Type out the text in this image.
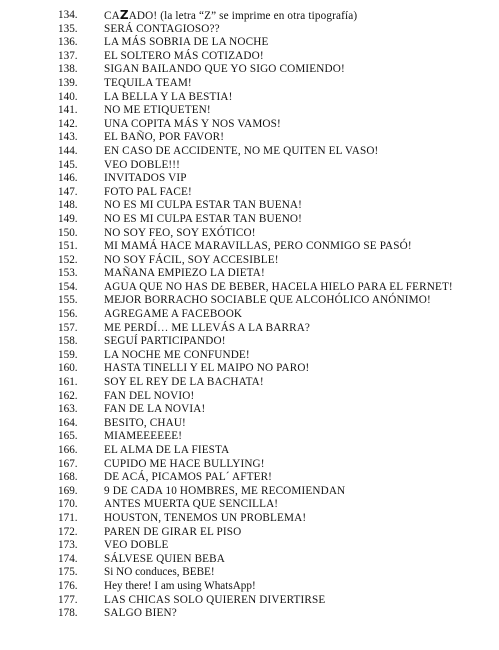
134. CAZADO! (la letra “Z” se imprime en otra tipografía)
135. SERÁ CONTAGIOSO??
136. LA MÁS SOBRIA DE LA NOCHE
137. EL SOLTERO MÁS COTIZADO!
138. SIGAN BAILANDO QUE YO SIGO COMIENDO!
139. TEQUILA TEAM!
140. LA BELLA Y LA BESTIA!
141. NO ME ETIQUETEN!
142. UNA COPITA MÁS Y NOS VAMOS!
143. EL BAÑO, POR FAVOR!
144. EN CASO DE ACCIDENTE, NO ME QUITEN EL VASO!
145. VEO DOBLE!!!
146. INVITADOS VIP
147. FOTO PAL FACE!
148. NO ES MI CULPA ESTAR TAN BUENA!
149. NO ES MI CULPA ESTAR TAN BUENO!
150. NO SOY FEO, SOY EXÓTICO!
151. MI MAMÁ HACE MARAVILLAS, PERO CONMIGO SE PASÓ!
152. NO SOY FÁCIL, SOY ACCESIBLE!
153. MAÑANA EMPIEZO LA DIETA!
154. AGUA QUE NO HAS DE BEBER, HACELA HIELO PARA EL FERNET!
155. MEJOR BORRACHO SOCIABLE QUE ALCOHÓLICO ANÓNIMO!
156. AGREGAME A FACEBOOK
157. ME PERDÍ… ME LLEVÁS A LA BARRA?
158. SEGUÍ PARTICIPANDO!
159. LA NOCHE ME CONFUNDE!
160. HASTA TINELLI Y EL MAIPO NO PARO!
161. SOY EL REY DE LA BACHATA!
162. FAN DEL NOVIO!
163. FAN DE LA NOVIA!
164. BESITO, CHAU!
165. MIAMEEEEEE!
166. EL ALMA DE LA FIESTA
167. CUPIDO ME HACE BULLYING!
168. DE ACÁ, PICAMOS PAL´ AFTER!
169. 9 DE CADA 10 HOMBRES, ME RECOMIENDAN
170. ANTES MUERTA QUE SENCILLA!
171. HOUSTON, TENEMOS UN PROBLEMA!
172. PAREN DE GIRAR EL PISO
173. VEO DOBLE
174. SÁLVESE QUIEN BEBA
175. Si NO conduces, BEBE!
176. Hey there! I am using WhatsApp!
177. LAS CHICAS SOLO QUIEREN DIVERTIRSE
178. SALGO BIEN?
